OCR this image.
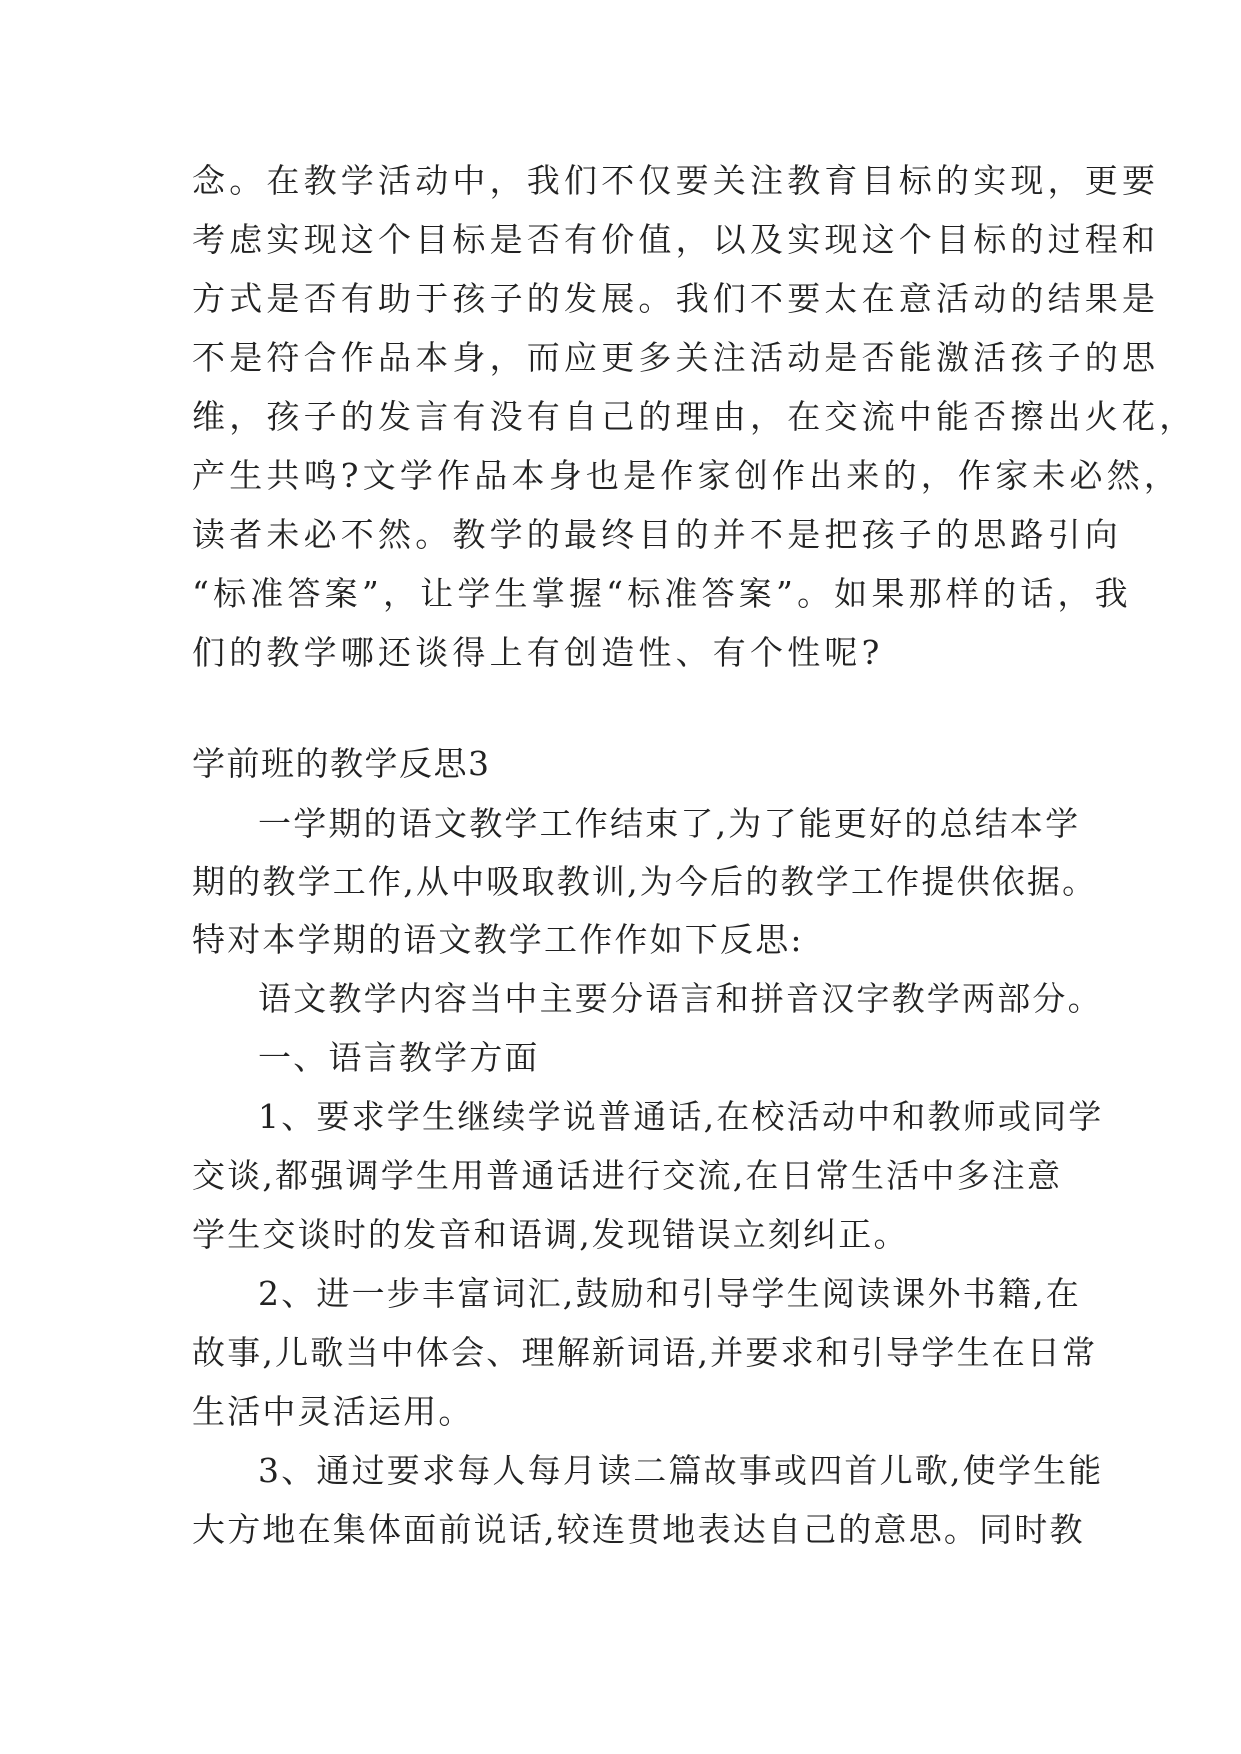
念。在教学活动中，我们不仅要关注教育目标的实现，更要
考虑实现这个目标是否有价值，以及实现这个目标的过程和
方式是否有助于孩子的发展。我们不要太在意活动的结果是
不是符合作品本身，而应更多关注活动是否能激活孩子的思
维，孩子的发言有没有自己的理由，在交流中能否擦出火花，
产生共鸣?文学作品本身也是作家创作出来的，作家未必然，
读者未必不然。教学的最终目的并不是把孩子的思路引向
“标准答案”，让学生掌握“标准答案”。如果那样的话，我
们的教学哪还谈得上有创造性、有个性呢?
学前班的教学反思3
一学期的语文教学工作结束了,为了能更好的总结本学
期的教学工作,从中吸取教训,为今后的教学工作提供依据。
特对本学期的语文教学工作作如下反思:
语文教学内容当中主要分语言和拼音汉字教学两部分。
一、语言教学方面
1、要求学生继续学说普通话,在校活动中和教师或同学
交谈,都强调学生用普通话进行交流,在日常生活中多注意
学生交谈时的发音和语调,发现错误立刻纠正。
2、进一步丰富词汇,鼓励和引导学生阅读课外书籍,在
故事,儿歌当中体会、理解新词语,并要求和引导学生在日常
生活中灵活运用。
3、通过要求每人每月读二篇故事或四首儿歌,使学生能
大方地在集体面前说话,较连贯地表达自己的意思。同时教
